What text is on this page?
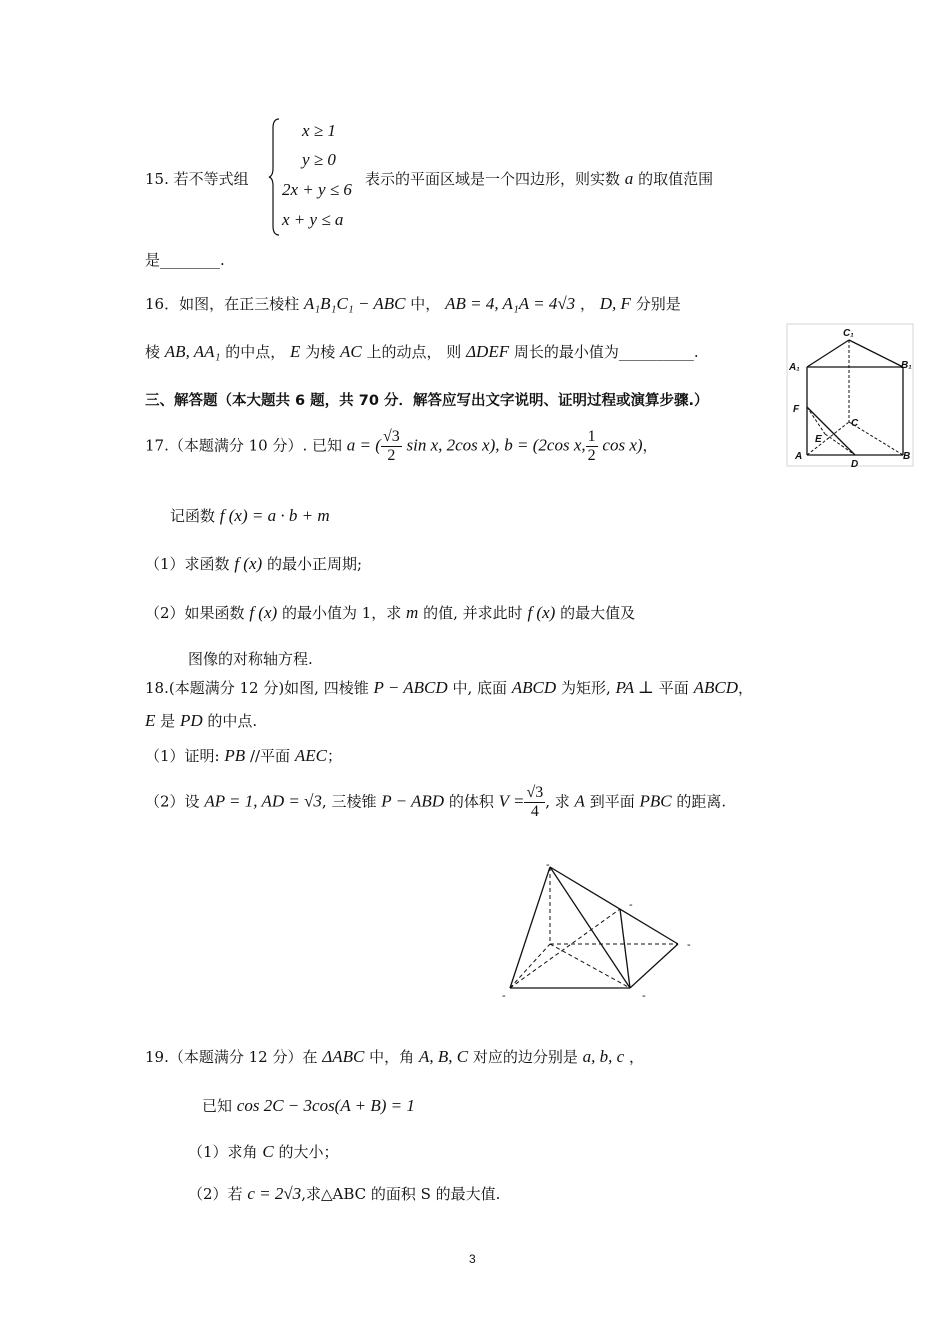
15. 若不等式组
x ≥ 1
y ≥ 0
2x + y ≤ 6
x + y ≤ a
表示的平面区域是一个四边形，则实数 a 的取值范围
是________.
16．如图，在正三棱柱 A₁B₁C₁ − ABC 中， AB = 4, A₁A = 4√3 ， D, F 分别是
棱 AB, AA₁ 的中点， E 为棱 AC 上的动点， 则 ΔDEF 周长的最小值为__________.
C₁
A₁	B₁
F
E
C
A
D
B
三、解答题（本大题共 6 题，共 70 分．解答应写出文字说明、证明过程或演算步骤.）
17.（本题满分 10 分）. 已知 a = ( $\frac{√3}{2}$ sin x, 2cos x), b = (2cos x, $\frac{1}{2}$ cos x)，
记函数 f (x) = a · b + m
（1）求函数 f (x) 的最小正周期;
（2）如果函数 f (x) 的最小值为 1，求 m 的值, 并求此时 f (x) 的最大值及
图像的对称轴方程.
18.(本题满分 12 分)如图, 四棱锥 P − ABCD 中, 底面 ABCD 为矩形, PA ⊥ 平面 ABCD，
E 是 PD 的中点.
（1）证明: PB //平面 AEC；
（2）设 AP = 1, AD = √3, 三棱锥 P − ABD 的体积 $V = \frac{√3}{4}$ , 求 A 到平面 PBC 的距离.
-
-
-
-	-
19.（本题满分 12 分）在 ΔABC 中，角 A, B, C 对应的边分别是 a, b, c ，
已知 cos 2C − 3cos(A + B) = 1
（1）求角 C 的大小；
（2）若 c = 2√3,求△ABC 的面积 S 的最大值.
3
